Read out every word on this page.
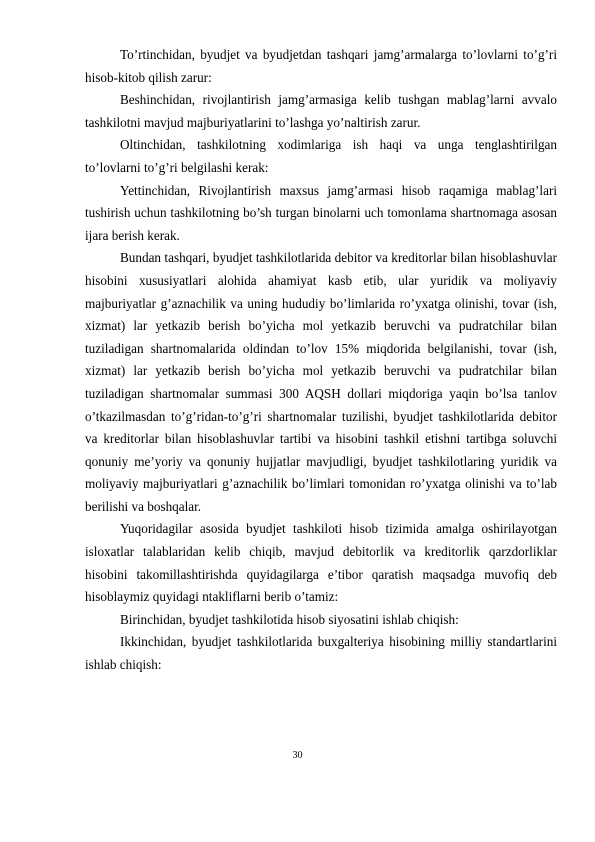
To’rtinchidan, byudjet va byudjetdan tashqari jamg’armalarga to’lovlarni to’g’ri hisob-kitob qilish zarur:

Beshinchidan, rivojlantirish jamg’armasiga kelib tushgan mablag’larni avvalo tashkilotni mavjud majburiyatlarini to’lashga yo’naltirish zarur.

Oltinchidan, tashkilotning xodimlariga ish haqi va unga tenglashtirilgan to’lovlarni to’g’ri belgilashi kerak:

Yettinchidan, Rivojlantirish maxsus jamg’armasi hisob raqamiga mablag’lari tushirish uchun tashkilotning bo’sh turgan binolarni uch tomonlama shartnomaga asosan ijara berish kerak.

Bundan tashqari, byudjet tashkilotlarida debitor va kreditorlar bilan hisoblashuvlar hisobini xususiyatlari alohida ahamiyat kasb etib, ular yuridik va moliyaviy majburiyatlar g’aznachilik va uning hududiy bo’limlarida ro’yxatga olinishi, tovar (ish, xizmat) lar yetkazib berish bo’yicha mol yetkazib beruvchi va pudratchilar bilan tuziladigan shartnomalarida oldindan to’lov 15% miqdorida belgilanishi, tovar (ish, xizmat) lar yetkazib berish bo’yicha mol yetkazib beruvchi va pudratchilar bilan tuziladigan shartnomalar summasi 300 AQSH dollari miqdoriga yaqin bo’lsa tanlov o’tkazilmasdan to’g’ridan-to’g’ri shartnomalar tuzilishi, byudjet tashkilotlarida debitor va kreditorlar bilan hisoblashuvlar tartibi va hisobini tashkil etishni tartibga soluvchi qonuniy me’yoriy va qonuniy hujjatlar mavjudligi, byudjet tashkilotlaring yuridik va moliyaviy majburiyatlari g’aznachilik bo’limlari tomonidan ro’yxatga olinishi va to’lab berilishi va boshqalar.

Yuqoridagilar asosida byudjet tashkiloti hisob tizimida amalga oshirilayotgan isloxatlar talablaridan kelib chiqib, mavjud debitorlik va kreditorlik qarzdorliklar hisobini takomillashtirishda quyidagilarga e’tibor qaratish maqsadga muvofiq deb hisoblaymiz quyidagi ntakliflarni berib o’tamiz:

Birinchidan, byudjet tashkilotida hisob siyosatini ishlab chiqish:

Ikkinchidan, byudjet tashkilotlarida buxgalteriya hisobining milliy standartlarini ishlab chiqish:

30
